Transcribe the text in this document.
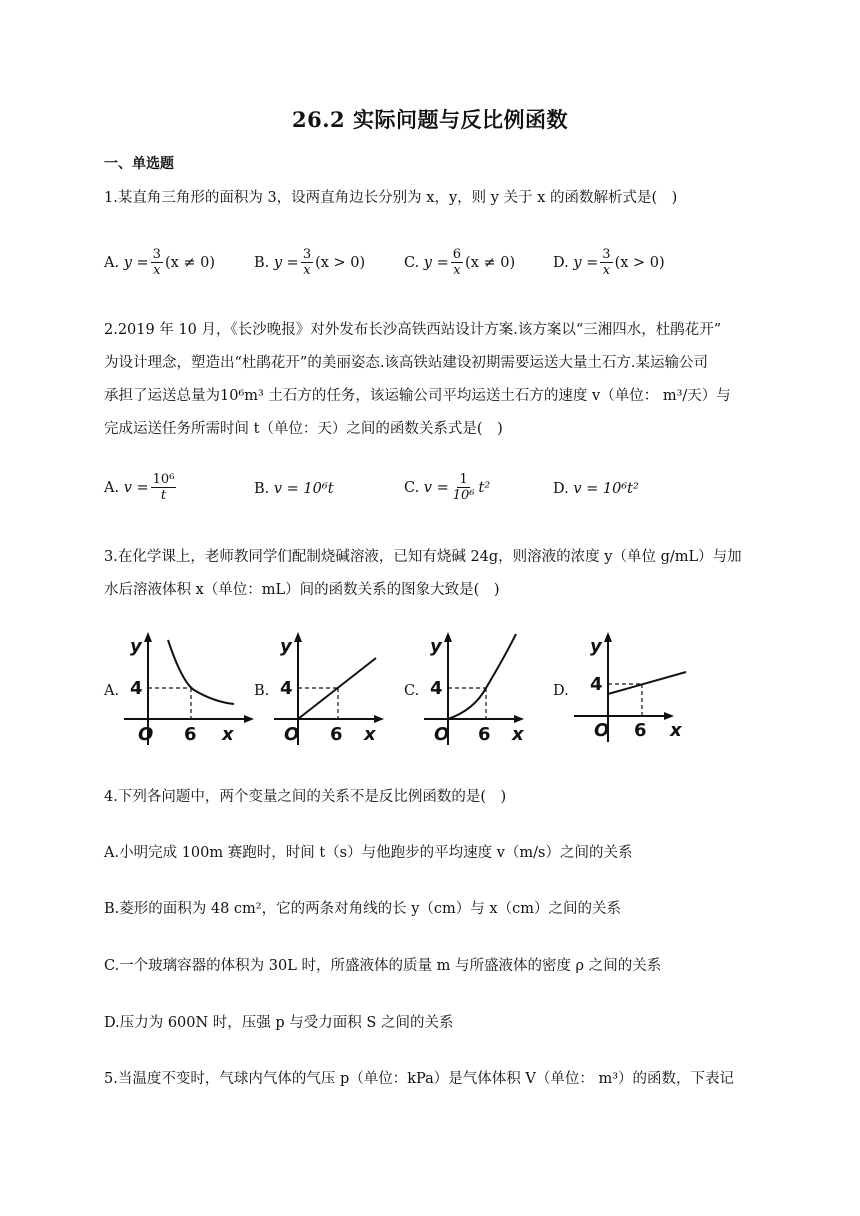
26.2 实际问题与反比例函数
一、单选题
1.某直角三角形的面积为 3，设两直角边长分别为 x，y，则 y 关于 x 的函数解析式是(　)
A.
$y = \frac{3}{x} (x \ne 0)$	B.
$y = \frac{3}{x} (x > 0)$	C.
$y = \frac{6}{x} (x \ne 0)$	D.
$y = \frac{3}{x} (x > 0)$
2.2019 年 10 月，《长沙晚报》对外发布长沙高铁西站设计方案.该方案以“三湘四水，杜鹃花开”
为设计理念，塑造出“杜鹃花开”的美丽姿态.该高铁站建设初期需要运送大量土石方.某运输公司
承担了运送总量为10⁶m³ 土石方的任务，该运输公司平均运送土石方的速度 v（单位： m³/天）与
完成运送任务所需时间 t（单位：天）之间的函数关系式是(　)
A.
$v = \frac{\text{10⁶}}{t}$	B.
v = 10⁶t	C.
$v = \frac{1}{\text{10⁶}} t^2$	D.
v = 10⁶t²
3.在化学课上，老师教同学们配制烧碱溶液，已知有烧碱 24g，则溶液的浓度 y（单位 g/mL）与加
水后溶液体积 x（单位：mL）间的函数关系的图象大致是(　)
A.	B.	C.	D.
y
4
O 6 x
y
4
O 6 x
y
4
O 6 x
y
4
O 6 x
4.下列各问题中，两个变量之间的关系不是反比例函数的是(　)
A.小明完成 100m 赛跑时，时间 t（s）与他跑步的平均速度 v（m/s）之间的关系
B.菱形的面积为 48 cm²，它的两条对角线的长 y（cm）与 x（cm）之间的关系
C.一个玻璃容器的体积为 30L 时，所盛液体的质量 m 与所盛液体的密度 ρ 之间的关系
D.压力为 600N 时，压强 p 与受力面积 S 之间的关系
5.当温度不变时，气球内气体的气压 p（单位：kPa）是气体体积 V（单位： m³）的函数，下表记
